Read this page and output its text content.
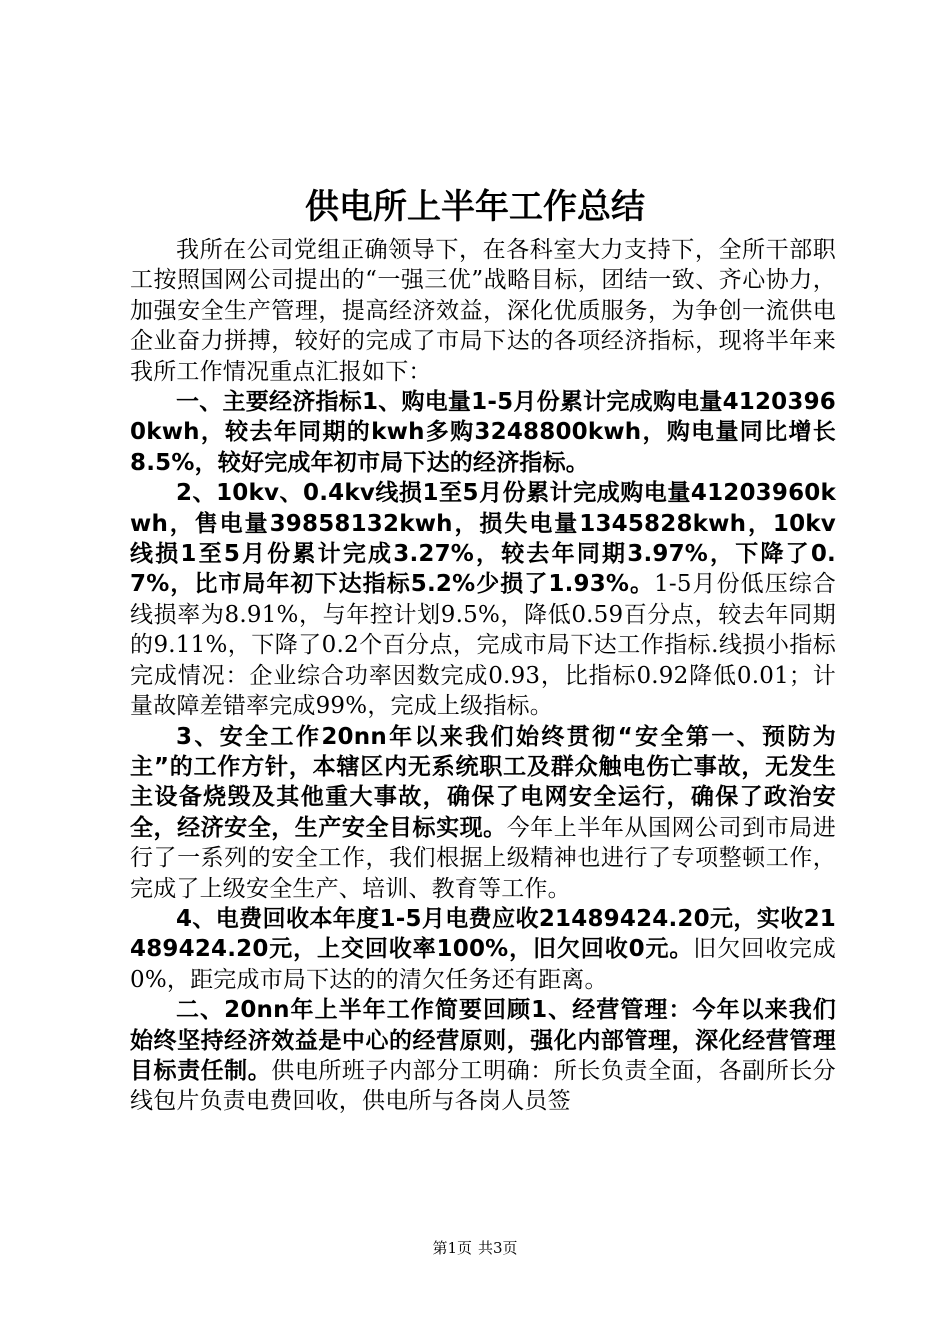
供电所上半年工作总结

我所在公司党组正确领导下，在各科室大力支持下，全所干部职工按照国网公司提出的“一强三优”战略目标，团结一致、齐心协力，加强安全生产管理，提高经济效益，深化优质服务，为争创一流供电企业奋力拼搏，较好的完成了市局下达的各项经济指标，现将半年来我所工作情况重点汇报如下：

一、主要经济指标1、购电量1-5月份累计完成购电量41203960kwh，较去年同期的kwh多购3248800kwh，购电量同比增长8.5%，较好完成年初市局下达的经济指标。

2、10kv、0.4kv线损1至5月份累计完成购电量41203960kwh，售电量39858132kwh，损失电量1345828kwh，10kv线损1至5月份累计完成3.27%，较去年同期3.97%，下降了0.7%，比市局年初下达指标5.2%少损了1.93%。1-5月份低压综合线损率为8.91%，与年控计划9.5%，降低0.59百分点，较去年同期的9.11%，下降了0.2个百分点，完成市局下达工作指标.线损小指标完成情况：企业综合功率因数完成0.93，比指标0.92降低0.01；计量故障差错率完成99%，完成上级指标。

3、安全工作20nn年以来我们始终贯彻“安全第一、预防为主”的工作方针，本辖区内无系统职工及群众触电伤亡事故，无发生主设备烧毁及其他重大事故，确保了电网安全运行，确保了政治安全，经济安全，生产安全目标实现。今年上半年从国网公司到市局进行了一系列的安全工作，我们根据上级精神也进行了专项整顿工作，完成了上级安全生产、培训、教育等工作。

4、电费回收本年度1-5月电费应收21489424.20元，实收21489424.20元，上交回收率100%，旧欠回收0元。旧欠回收完成0%，距完成市局下达的的清欠任务还有距离。

二、20nn年上半年工作简要回顾1、经营管理：今年以来我们始终坚持经济效益是中心的经营原则，强化内部管理，深化经营管理目标责任制。供电所班子内部分工明确：所长负责全面，各副所长分线包片负责电费回收，供电所与各岗人员签

第1页 共3页
